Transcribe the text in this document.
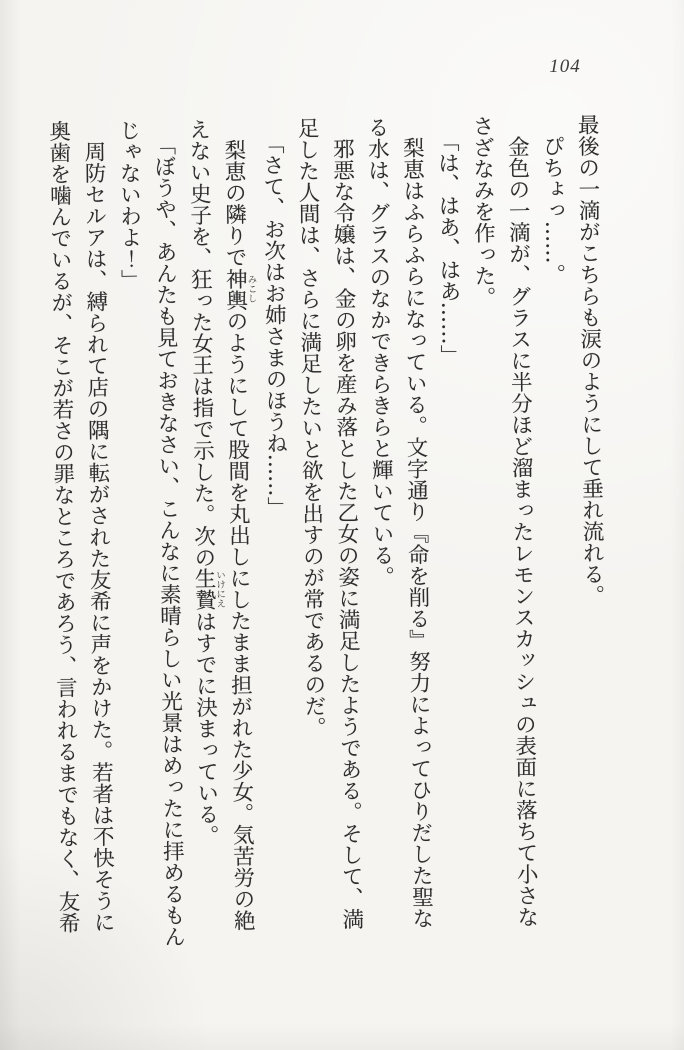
104

最後の一滴がこちらも涙のようにして垂れ流れる。

ぴちょっ……。

金色の一滴が、グラスに半分ほど溜まったレモンスカッシュの表面に落ちて小さなさざなみを作った。

「は、はあ、はあ……」

梨恵はふらふらになっている。文字通り『命を削る』努力によってひりだした聖なる水は、グラスのなかできらきらと輝いている。

邪悪な令嬢は、金の卵を産み落とした乙女の姿に満足したようである。そして、満足した人間は、さらに満足したいと欲を出すのが常であるのだ。

「さて、お次はお姉さまのほうね……」

梨恵の隣りで神輿みこしのようにして股間を丸出しにしたまま担がれた少女。気苦労の絶えない史子を、狂った女王は指で示した。次の生贄いけにえはすでに決まっている。

「ぼうや、あんたも見ておきなさい、こんなに素晴らしい光景はめったに拝めるもんじゃないわよ！」

周防セルアは、縛られて店の隅に転がされた友希に声をかけた。若者は不快そうに奥歯を噛んでいるが、そこが若さの罪なところであろう、言われるまでもなく、友希
